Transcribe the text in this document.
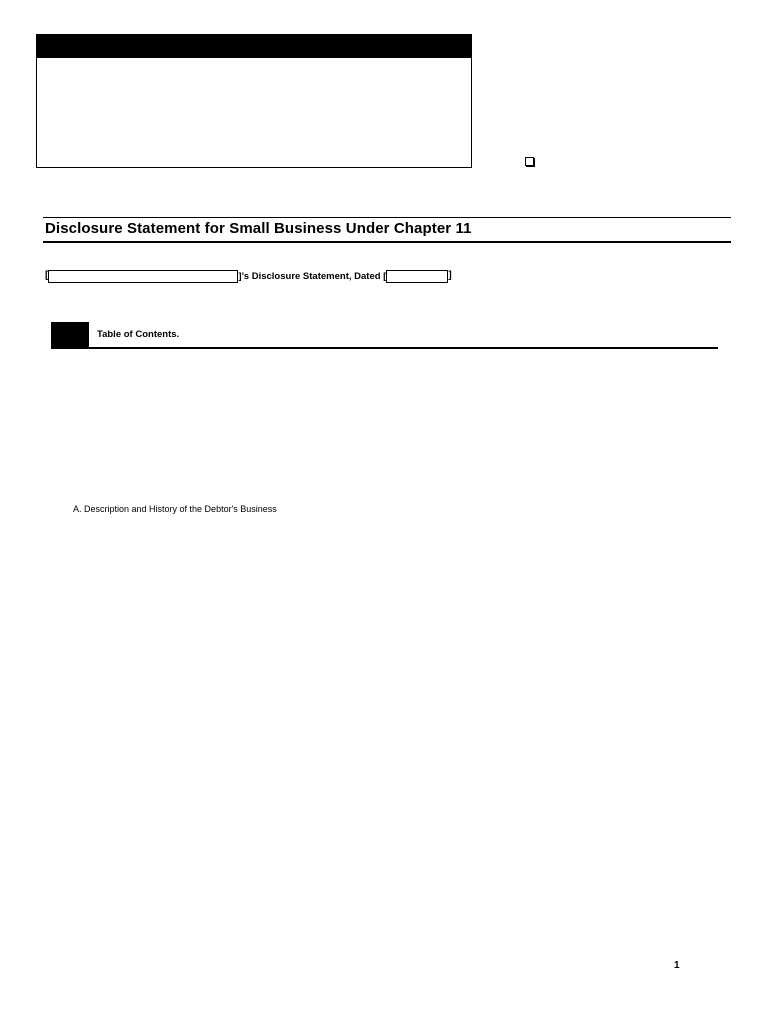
Disclosure Statement for Small Business Under Chapter 11
[	]’s Disclosure Statement, Dated [	]
Table of Contents.
A. Description and History of the Debtor's Business
1
